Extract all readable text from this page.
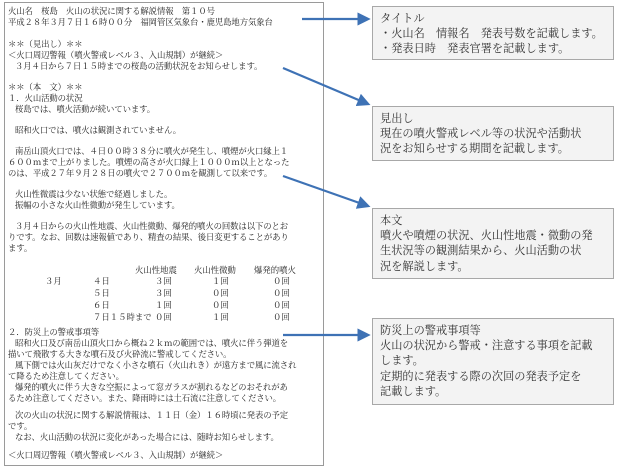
火山名　桜島　火山の状況に関する解説情報　第１０号
平成２８年３月７日１６時００分　福岡管区気象台・鹿児島地方気象台
＊＊（見出し）＊＊
＜火口周辺警報（噴火警戒レベル３、入山規制）が継続＞
３月４日から７日１５時までの桜島の活動状況をお知らせします。
＊＊（本　文）＊＊
１．火山活動の状況
桜島では、噴火活動が続いています。
昭和火口では、噴火は観測されていません。
南岳山頂火口では、４日００時３８分に噴火が発生し、噴煙が火口縁上１
６００ｍまで上がりました。噴煙の高さが火口縁上１０００ｍ以上となった
のは、平成２７年９月２８日の噴火で２７００ｍを観測して以来です。
火山性微震は少ない状態で経過しました。
振幅の小さな火山性微動が発生しています。
３月４日からの火山性地震、火山性微動、爆発的噴火の回数は以下のとお
りです。なお、回数は速報値であり、精査の結果、後日変更することがあり
ます。
火山性地震 火山性微動 爆発的噴火
３月	４日	３回	１回	０回
５日	３回	０回	０回
６日	１回	０回	０回
７日１５時まで ０回	１回	０回
２．防災上の警戒事項等
昭和火口及び南岳山頂火口から概ね２ｋｍの範囲では、噴火に伴う弾道を
描いて飛散する大きな噴石及び火砕流に警戒してください。
風下側では火山灰だけでなく小さな噴石（火山れき）が遠方まで風に流され
て降るため注意してください。
爆発的噴火に伴う大きな空振によって窓ガラスが割れるなどのおそれがあ
るため注意してください。また、降雨時には土石流に注意してください。
次の火山の状況に関する解説情報は、１１日（金）１６時頃に発表の予定
です。
なお、火山活動の状況に変化があった場合には、随時お知らせします。
＜火口周辺警報（噴火警戒レベル３、入山規制）が継続＞
タイトル
・火山名　情報名　発表号数を記載します。
・発表日時　発表官署を記載します。
見出し
現在の噴火警戒レベル等の状況や活動状
況をお知らせする期間を記載します。
本文
噴火や噴煙の状況、火山性地震・微動の発
生状況等の観測結果から、火山活動の状
況を解説します。
防災上の警戒事項等
火山の状況から警戒・注意する事項を記載
します。
定期的に発表する際の次回の発表予定を
記載します。
